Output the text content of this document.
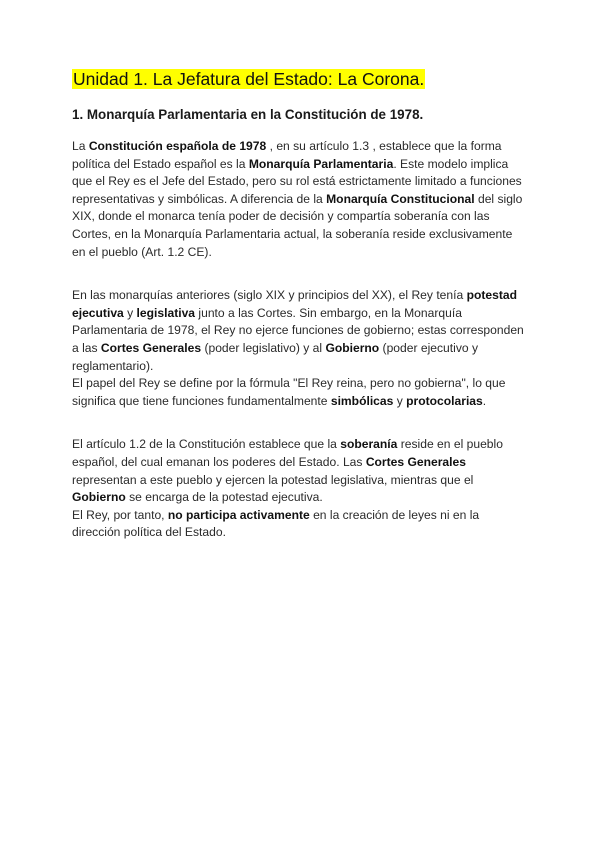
Unidad 1. La Jefatura del Estado: La Corona.
1. Monarquía Parlamentaria en la Constitución de 1978.

La Constitución española de 1978 , en su artículo 1.3 , establece que la forma política del Estado español es la Monarquía Parlamentaria. Este modelo implica que el Rey es el Jefe del Estado, pero su rol está estrictamente limitado a funciones representativas y simbólicas. A diferencia de la Monarquía Constitucional del siglo XIX, donde el monarca tenía poder de decisión y compartía soberanía con las Cortes, en la Monarquía Parlamentaria actual, la soberanía reside exclusivamente en el pueblo (Art. 1.2 CE).

En las monarquías anteriores (siglo XIX y principios del XX), el Rey tenía potestad ejecutiva y legislativa junto a las Cortes. Sin embargo, en la Monarquía Parlamentaria de 1978, el Rey no ejerce funciones de gobierno; estas corresponden a las Cortes Generales (poder legislativo) y al Gobierno (poder ejecutivo y reglamentario).

El papel del Rey se define por la fórmula "El Rey reina, pero no gobierna", lo que significa que tiene funciones fundamentalmente simbólicas y protocolarias.

El artículo 1.2 de la Constitución establece que la soberanía reside en el pueblo español, del cual emanan los poderes del Estado. Las Cortes Generales representan a este pueblo y ejercen la potestad legislativa, mientras que el Gobierno se encarga de la potestad ejecutiva.

El Rey, por tanto, no participa activamente en la creación de leyes ni en la dirección política del Estado.
